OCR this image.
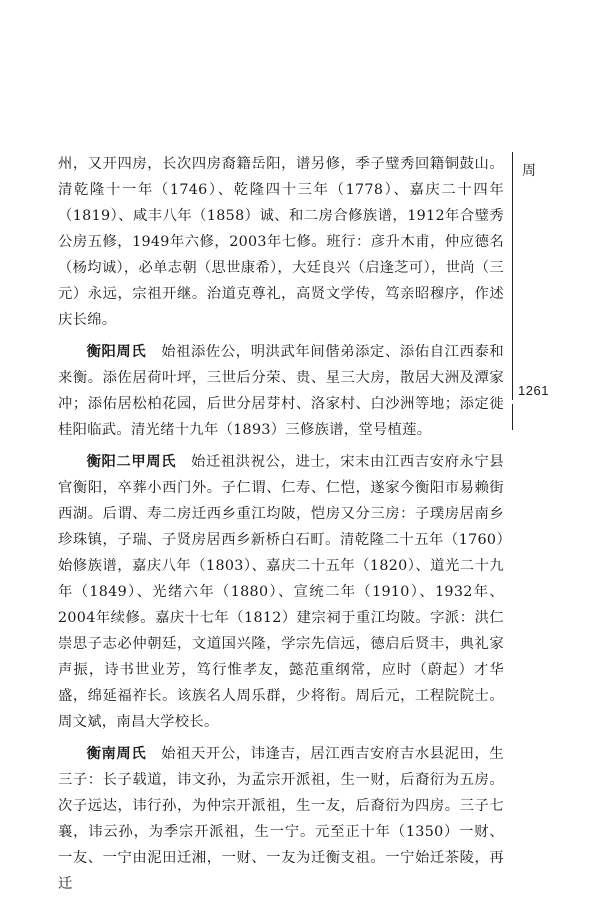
周
1261
州，又开四房，长次四房裔籍岳阳，谱另修，季子璧秀回籍铜鼓山。清乾隆十一年（1746）、乾隆四十三年（1778）、嘉庆二十四年（1819）、咸丰八年（1858）诚、和二房合修族谱，1912年合璧秀公房五修，1949年六修，2003年七修。班行：彦升木甫，仲应德名（杨均诚），必单志朝（思世康希），大廷良兴（启逢芝可），世尚（三元）永远，宗祖开继。治道克尊礼，高贤文学传，笃亲昭穆序，作述庆长绵。
衡阳周氏　始祖添佐公，明洪武年间偕弟添定、添佑自江西泰和来衡。添佐居荷叶坪，三世后分荣、贵、星三大房，散居大洲及潭家冲；添佑居松柏花园，后世分居芽村、洛家村、白沙洲等地；添定徙桂阳临武。清光绪十九年（1893）三修族谱，堂号植莲。
衡阳二甲周氏　始迁祖洪祝公，进士，宋末由江西吉安府永宁县官衡阳，卒葬小西门外。子仁谓、仁寿、仁恺，遂家今衡阳市易赖街西湖。后谓、寿二房迁西乡重江均陂，恺房又分三房：子璞房居南乡珍珠镇，子瑞、子贤房居西乡新桥白石町。清乾隆二十五年（1760）始修族谱，嘉庆八年（1803）、嘉庆二十五年（1820）、道光二十九年（1849）、光绪六年（1880）、宣统二年（1910）、1932年、2004年续修。嘉庆十七年（1812）建宗祠于重江均陂。字派：洪仁崇思子志必仲朝廷，文道国兴隆，学宗先信远，德启后贤丰，典礼家声振，诗书世业芳，笃行惟孝友，懿范重纲常，应时（蔚起）才华盛，绵延福祚长。该族名人周乐群，少将衔。周后元，工程院院士。周文斌，南昌大学校长。
衡南周氏　始祖天开公，讳逢吉，居江西吉安府吉水县泥田，生三子：长子载道，讳文孙，为孟宗开派祖，生一财，后裔衍为五房。次子远达，讳行孙，为仲宗开派祖，生一友，后裔衍为四房。三子七襄，讳云孙，为季宗开派祖，生一宁。元至正十年（1350）一财、一友、一宁由泥田迁湘，一财、一友为迁衡支祖。一宁始迁茶陵，再迁
